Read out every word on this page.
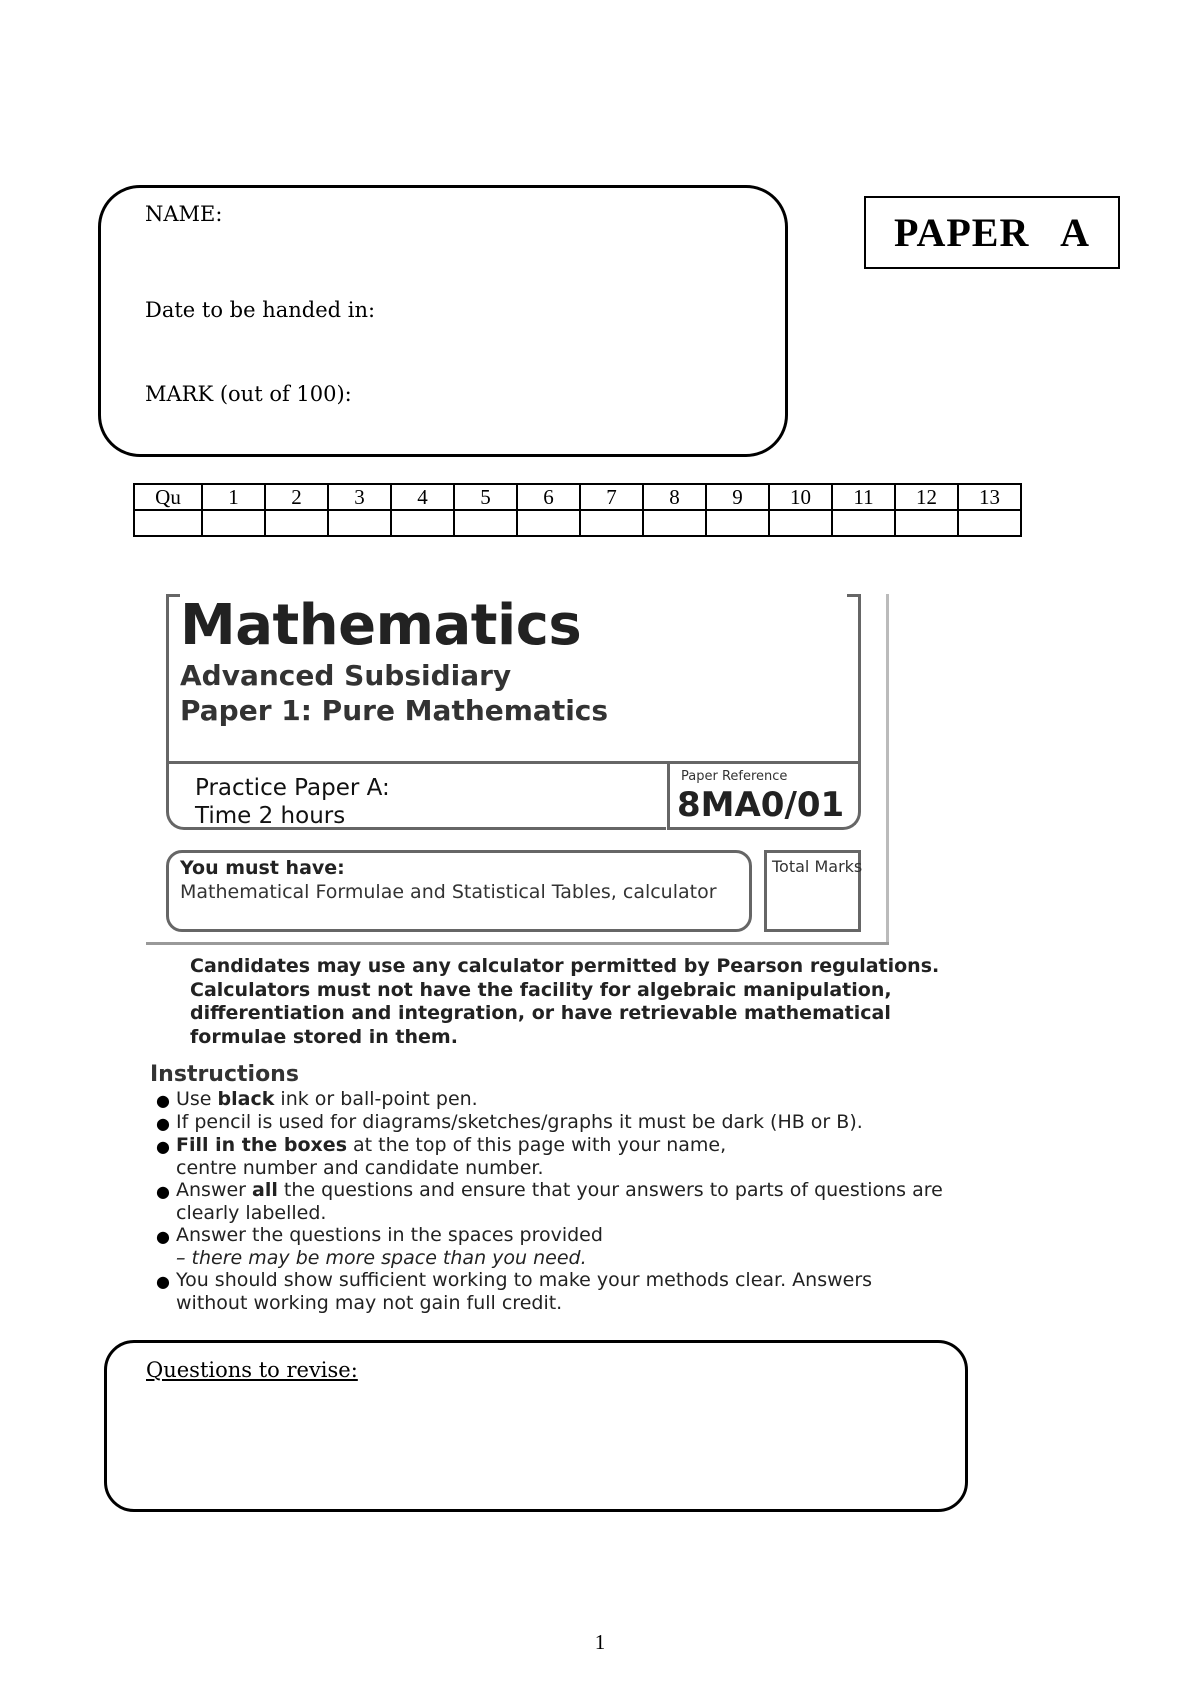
NAME:
Date to be handed in:
MARK (out of 100):
PAPER   A
Qu	1	2	3	4	5	6	7	8	9	10	11	12	13

Mathematics
Advanced Subsidiary
Paper 1: Pure Mathematics
Practice Paper A:
Time 2 hours
Paper Reference
8MA0/01
You must have:
Mathematical Formulae and Statistical Tables, calculator
Total Marks
Candidates may use any calculator permitted by Pearson regulations.
Calculators must not have the facility for algebraic manipulation,
differentiation and integration, or have retrievable mathematical
formulae stored in them.
Instructions
● Use black ink or ball-point pen.
● If pencil is used for diagrams/sketches/graphs it must be dark (HB or B).
● Fill in the boxes at the top of this page with your name,
centre number and candidate number.
● Answer all the questions and ensure that your answers to parts of questions are
clearly labelled.
● Answer the questions in the spaces provided
– there may be more space than you need.
● You should show sufficient working to make your methods clear. Answers
without working may not gain full credit.
Questions to revise:
1
